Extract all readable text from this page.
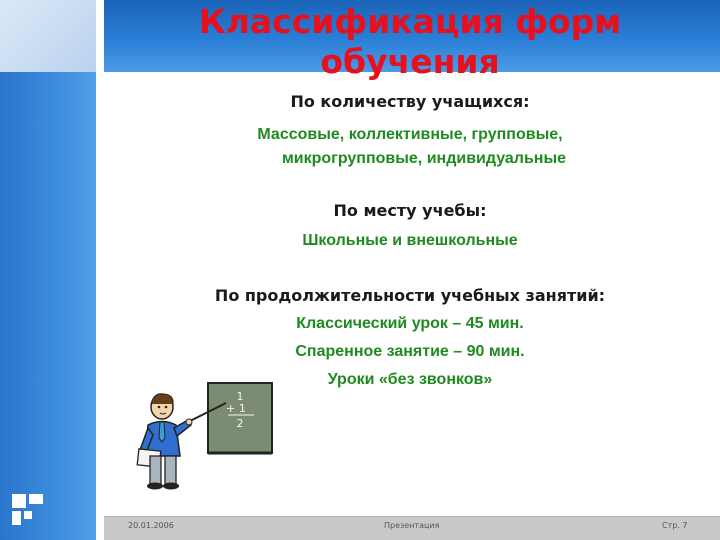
Классификация форм
обучения

По количеству учащихся:

Массовые, коллективные, групповые,

микрогрупповые, индивидуальные

По месту учебы:

Школьные и внешкольные

По продолжительности учебных занятий:

Классический урок – 45 мин.

Спаренное занятие – 90 мин.

Уроки «без звонков»

1
+ 1
2
20.01.2006	Презентация	Стр. 7
